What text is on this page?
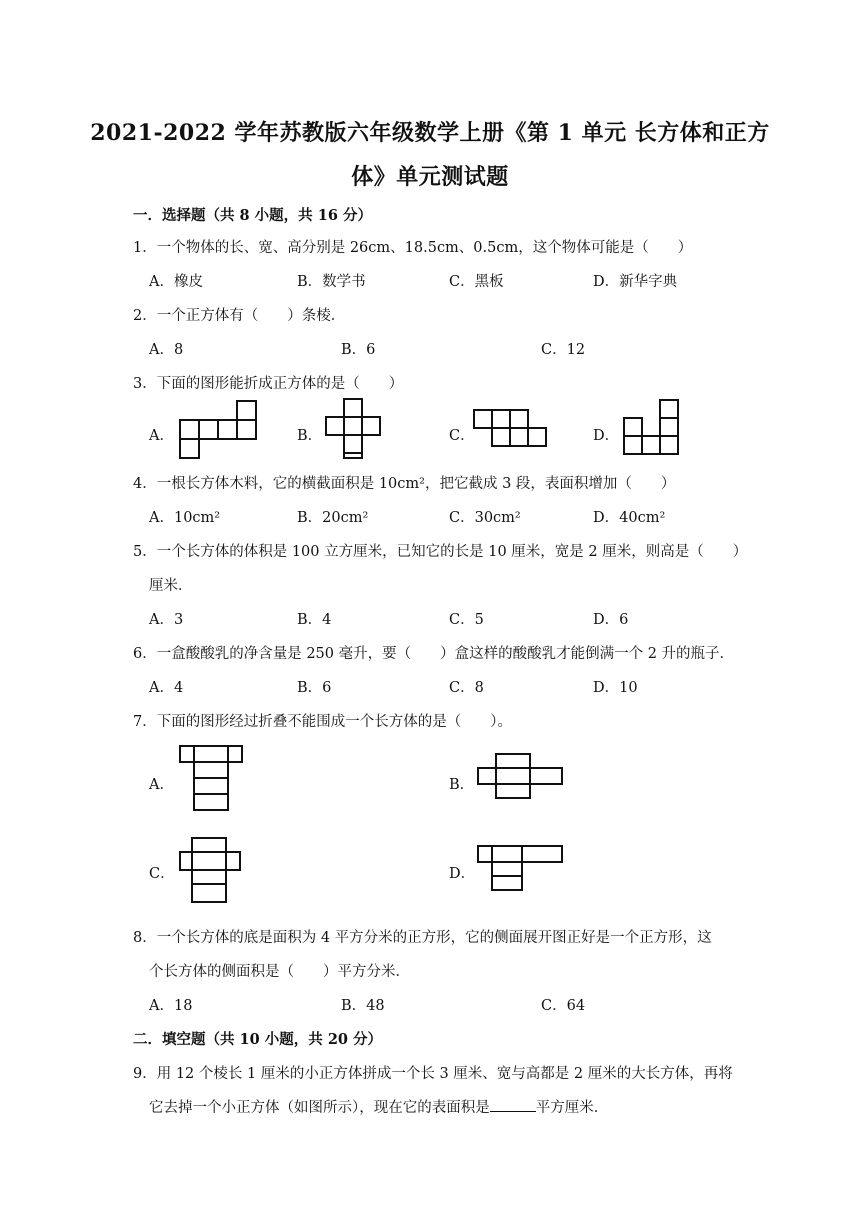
2021-2022 学年苏教版六年级数学上册《第 1 单元 长方体和正方
体》单元测试题
一．选择题（共 8 小题，共 16 分）
1．一个物体的长、宽、高分别是 26cm、18.5cm、0.5cm，这个物体可能是（　　）
A．橡皮	B．数学书	C．黑板	D．新华字典
2．一个正方体有（　　）条棱．
A．8	B．6	C．12
3．下面的图形能折成正方体的是（　　）
A．	B．	C．	D．
4．一根长方体木料，它的横截面积是 10cm²，把它截成 3 段，表面积增加（　　）
A．10cm²	B．20cm²	C．30cm²	D．40cm²
5．一个长方体的体积是 100 立方厘米，已知它的长是 10 厘米，宽是 2 厘米，则高是（　　）
厘米．
A．3	B．4	C．5	D．6
6．一盒酸酸乳的净含量是 250 毫升，要（　　）盒这样的酸酸乳才能倒满一个 2 升的瓶子．
A．4	B．6	C．8	D．10
7．下面的图形经过折叠不能围成一个长方体的是（　　）。
A．	B．
C．	D．
8．一个长方体的底是面积为 4 平方分米的正方形，它的侧面展开图正好是一个正方形，这
个长方体的侧面积是（　　）平方分米．
A．18	B．48	C．64
二．填空题（共 10 小题，共 20 分）
9．用 12 个棱长 1 厘米的小正方体拼成一个长 3 厘米、宽与高都是 2 厘米的大长方体，再将
它去掉一个小正方体（如图所示），现在它的表面积是	平方厘米．
